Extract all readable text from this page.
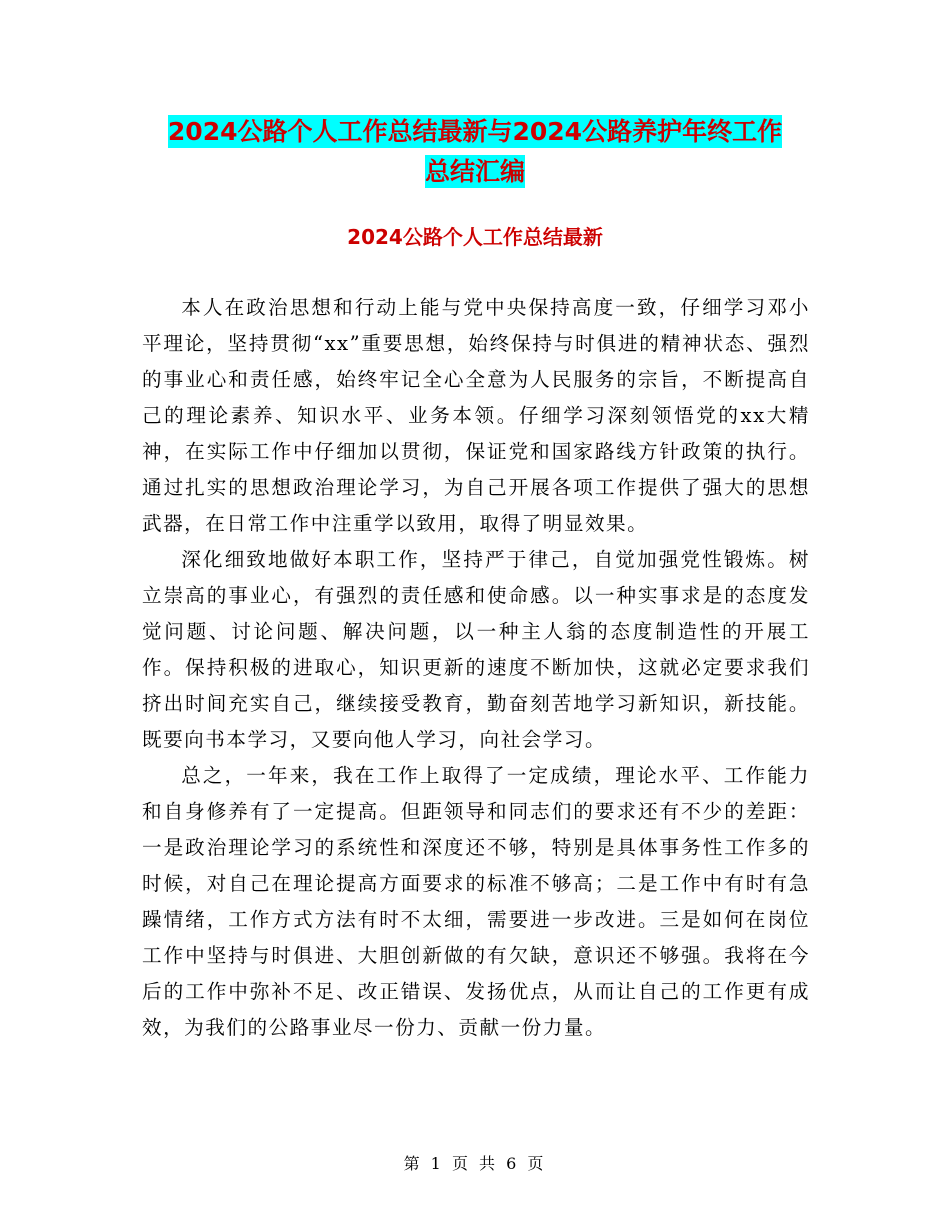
2024公路个人工作总结最新与2024公路养护年终工作
总结汇编
2024公路个人工作总结最新

本人在政治思想和行动上能与党中央保持高度一致，仔细学习邓小平理论，坚持贯彻“xx”重要思想，始终保持与时俱进的精神状态、强烈的事业心和责任感，始终牢记全心全意为人民服务的宗旨，不断提高自己的理论素养、知识水平、业务本领。仔细学习深刻领悟党的xx大精神，在实际工作中仔细加以贯彻，保证党和国家路线方针政策的执行。通过扎实的思想政治理论学习，为自己开展各项工作提供了强大的思想武器，在日常工作中注重学以致用，取得了明显效果。

深化细致地做好本职工作，坚持严于律己，自觉加强党性锻炼。树立崇高的事业心，有强烈的责任感和使命感。以一种实事求是的态度发觉问题、讨论问题、解决问题，以一种主人翁的态度制造性的开展工作。保持积极的进取心，知识更新的速度不断加快，这就必定要求我们挤出时间充实自己，继续接受教育，勤奋刻苦地学习新知识，新技能。既要向书本学习，又要向他人学习，向社会学习。

总之，一年来，我在工作上取得了一定成绩，理论水平、工作能力和自身修养有了一定提高。但距领导和同志们的要求还有不少的差距：一是政治理论学习的系统性和深度还不够，特别是具体事务性工作多的时候，对自己在理论提高方面要求的标准不够高；二是工作中有时有急躁情绪，工作方式方法有时不太细，需要进一步改进。三是如何在岗位工作中坚持与时俱进、大胆创新做的有欠缺，意识还不够强。我将在今后的工作中弥补不足、改正错误、发扬优点，从而让自己的工作更有成效，为我们的公路事业尽一份力、贡献一份力量。

第 1 页 共 6 页
